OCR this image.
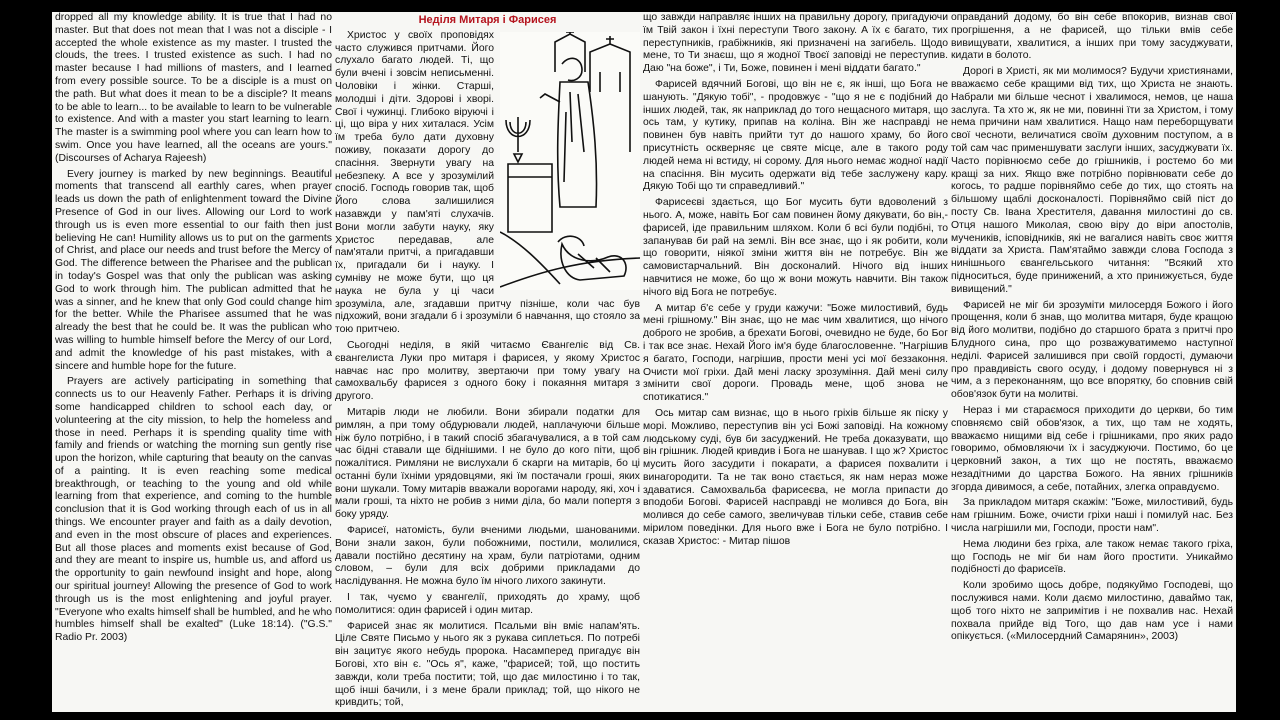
dropped all my knowledge ability. It is true that I had no master. But that does not mean that I was not a disciple - I accepted the whole existence as my master. I trusted the clouds, the trees. I trusted existence as such. I had no master because I had millions of masters, and I learned from every possible source. To be a disciple is a must on the path. But what does it mean to be a disciple? It means to be able to learn... to be available to learn to be vulnerable to existence. And with a master you start learning to learn. The master is a swimming pool where you can learn how to swim. Once you have learned, all the oceans are yours." (Discourses of Acharya Rajeesh)

Every journey is marked by new beginnings. Beautiful moments that transcend all earthly cares, when prayer leads us down the path of enlightenment toward the Divine Presence of God in our lives. Allowing our Lord to work through us is even more essential to our faith then just believing He can! Humility allows us to put on the garments of Christ, and place our needs and trust before the Mercy of God. The difference between the Pharisee and the publican in today's Gospel was that only the publican was asking God to work through him. The publican admitted that he was a sinner, and he knew that only God could change him for the better. While the Pharisee assumed that he was already the best that he could be. It was the publican who was willing to humble himself before the Mercy of our Lord, and admit the knowledge of his past mistakes, with a sincere and humble hope for the future.

Prayers are actively participating in something that connects us to our Heavenly Father. Perhaps it is driving some handicapped children to school each day, or volunteering at the city mission, to help the homeless and those in need. Perhaps it is spending quality time with family and friends or watching the morning sun gently rise upon the horizon, while capturing that beauty on the canvas of a painting. It is even reaching some medical breakthrough, or teaching to the young and old while learning from that experience, and coming to the humble conclusion that it is God working through each of us in all things. We encounter prayer and faith as a daily devotion, and even in the most obscure of places and experiences. But all those places and moments exist because of God, and they are meant to inspire us, humble us, and afford us the opportunity to gain newfound insight and hope, along our spiritual journey! Allowing the presence of God to work through us is the most enlightening and joyful prayer. "Everyone who exalts himself shall be humbled, and he who humbles himself shall be exalted" (Luke 18:14). ("G.S." Radio Pr. 2003)

Неділя Митаря і Фарисея

Христос у своїх проповідях часто служився притчами. Його слухало багато людей. Ті, що були вчені і зовсім неписьменні. Чоловіки і жінки. Старші, молодші і діти. Здорові і хворі. Свої і чужинці. Глибоко віруючі і ці, що віра у них хиталася. Усім їм треба було дати духовну поживу, показати дорогу до спасіння. Звернути увагу на небезпеку. А все у зрозумілий спосіб. Господь говорив так, щоб Його слова залишилися назавжди у пам'яті слухачів. Вони могли забути науку, яку Христос передавав, але пам'ятали притчі, а пригадавши їх, пригадали би і науку. І сумніву не може бути, що ця наука не була у ці часи зрозуміла, але, згадавши притчу пізніше, коли час був підхожий, вони згадали б і зрозуміли б навчання, що стояло за тою притчею.

Сьогодні неділя, в якій читаємо Євангеліє від Св. євангелиста Луки про митаря і фарисея, у якому Христос навчає нас про молитву, звертаючи при тому увагу на самохвальбу фарисея з одного боку і покаяння митаря з другого.

Митарів люди не любили. Вони збирали податки для римлян, а при тому обдурювали людей, наплачуючи більше ніж було потрібно, і в такий спосіб збагачувалися, а в той сам час бідні ставали ще біднішими. І не було до кого піти, щоб пожалітися. Римляни не вислухали б скарги на митарів, бо ці останні були їхніми урядовцями, які їм постачали гроші, яких вони шукали. Тому митарів вважали ворогами народу, які, хоч і мали гроші, та ніхто не робив з ними діла, бо мали попертя з боку уряду.

Фарисеї, натомість, були вченими людьми, шанованими. Вони знали закон, були побожними, постили, молилися, давали постійно десятину на храм, були патріотами, одним словом, – були для всіх добрими прикладами до наслідування. Не можна було їм нічого лихого закинути.

І так, чуємо у євангелії, приходять до храму, щоб помолитися: один фарисей і один митар.

Фарисей знає як молитися. Псальми він вміє напам'ять. Ціле Святе Письмо у нього як з рукава сиплеться. По потребі він зацитує якого небудь пророка. Насамперед пригадує він Богові, хто він є. "Ось я", каже, "фарисей; той, що постить завжди, коли треба постити; той, що дає милостиню і то так, щоб інші бачили, і з мене брали приклад; той, що нікого не кривдить; той,

що завжди направляє інших на правильну дорогу, пригадуючи їм Твій закон і їхні переступи Твого закону. А їх є багато, тих переступників, грабіжників, які призначені на загибель. Щодо мене, то Ти знаєш, що я жодної Твоєї заповіді не переступив. Даю "на боже", і Ти, Боже, повинен і мені віддати багато."

Фарисей вдячний Богові, що він не є, як інші, що Бога не шанують. "Дякую тобі", - продовжує - "що я не є подібний до інших людей, так, як наприклад до того нещасного митаря, що ось там, у кутику, припав на коліна. Він же насправді не повинен був навіть прийти тут до нашого храму, бо його присутність оскверняє це святе місце, але в такого роду людей нема ні встиду, ні сорому. Для нього немає жодної надії на спасіння. Він мусить одержати від тебе заслужену кару. Дякую Тобі що ти справедливий."

Фарисеєві здається, що Бог мусить бути вдоволений з нього. А, може, навіть Бог сам повинен йому дякувати, бо він,-фарисей, іде правильним шляхом. Коли б всі були подібні, то запанував би рай на землі. Він все знає, що і як робити, коли що говорити, ніякої зміни життя він не потребує. Він же самовистарчальний. Він досконалий. Нічого від інших навчитися не може, бо що ж вони можуть навчити. Він також нічого від Бога не потребує.

А митар б'є себе у груди кажучи: "Боже милостивий, будь мені грішному." Він знає, що не має чим хвалитися, що нічого доброго не зробив, а брехати Богові, очевидно не буде, бо Бог і так все знає. Нехай Його ім'я буде благословенне. "Нагрішив я багато, Господи, нагрішив, прости мені усі мої беззаконня. Очисти мої гріхи. Дай мені ласку зрозуміння. Дай мені силу змінити свої дороги. Провадь мене, щоб знова не спотикатися."

Ось митар сам визнає, що в нього гріхів більше як піску у морі. Можливо, переступив він усі Божі заповіді. На кожному людському суді, був би засуджений. Не треба доказувати, що він грішник. Людей кривдив і Бога не шанував. І що ж? Христос мусить його засудити і покарати, а фарисея похвалити і винагородити. Та не так воно стається, як нам нераз може здаватися. Самохвальба фарисеєва, не могла припасти до вподоби Богові. Фарисей насправді не молився до Бога, він молився до себе самого, звеличував тільки себе, ставив себе мірилом поведінки. Для нього вже і Бога не було потрібно. І сказав Христос: - Митар пішов

оправданий додому, бо він себе впокорив, визнав свої прогрішення, а не фарисей, що тільки вмів себе вивищувати, хвалитися, а інших при тому засуджувати, кидати в болото.

Дорогі в Христі, як ми молимося? Будучи християнами, вважаємо себе кращими від тих, що Христа не знають. Набрали ми більше чеснот і хвалимося, немов, це наша заслуга. Та хто ж, як не ми, повинні їти за Христом, і тому нема причини нам хвалитися. Нащо нам переборщувати свої чесноти, величатися своїм духовним поступом, а в той сам час применшувати заслуги інших, засуджувати їх. Часто порівнюємо себе до грішників, і ростемо бо ми кращі за них. Якщо вже потрібно порівнювати себе до когось, то радше порівняймо себе до тих, що стоять на більшому щаблі досконалості. Порівняймо свій піст до посту Св. Івана Хрестителя, давання милостині до св. Отця нашого Миколая, свою віру до віри апостолів, мучеників, ісповідників, які не вагалися навіть своє життя віддати за Христа. Пам'ятаймо завжди слова Господа з нинішнього євангельського читання: "Всякий хто підноситься, буде принижений, а хто принижується, буде вивищений."

Фарисей не міг би зрозуміти милосердя Божого і його прощення, коли б знав, що молитва митаря, буде кращою від його молитви, подібно до старшого брата з притчі про Блудного сина, про що розважуватимемо наступної неділі. Фарисей залишився при своїй гордості, думаючи про правдивість свого осуду, і додому повернувся ні з чим, а з переконанням, що все впорятку, бо сповнив свій обов'язок бути на молитві.

Нераз і ми стараємося приходити до церкви, бо тим сповняємо свій обов'язок, а тих, що там не ходять, вважаємо нищими від себе і грішниками, про яких радо говоримо, обмовляючи їх і засуджуючи. Постимо, бо це церковний закон, а тих що не постять, вважаємо незадітними до царства Божого. На явних грішників згорда дивимося, а себе, потайних, злегка оправдуємо.

За прикладом митаря скажім: "Боже, милостивий, будь нам грішним. Боже, очисти гріхи наші і помилуй нас. Без числа нагрішили ми, Господи, прости нам".

Нема людини без гріха, але також немає такого гріха, що Господь не міг би нам його простити. Уникаймо подібності до фарисеїв.

Коли зробимо щось добре, подякуймо Господеві, що послужився нами. Коли даємо милостиню, даваймо так, щоб того ніхто не запримітив і не похвалив нас. Нехай похвала прийде від Того, що дав нам усе і нами опікується. («Милосердний Самарянин», 2003)
